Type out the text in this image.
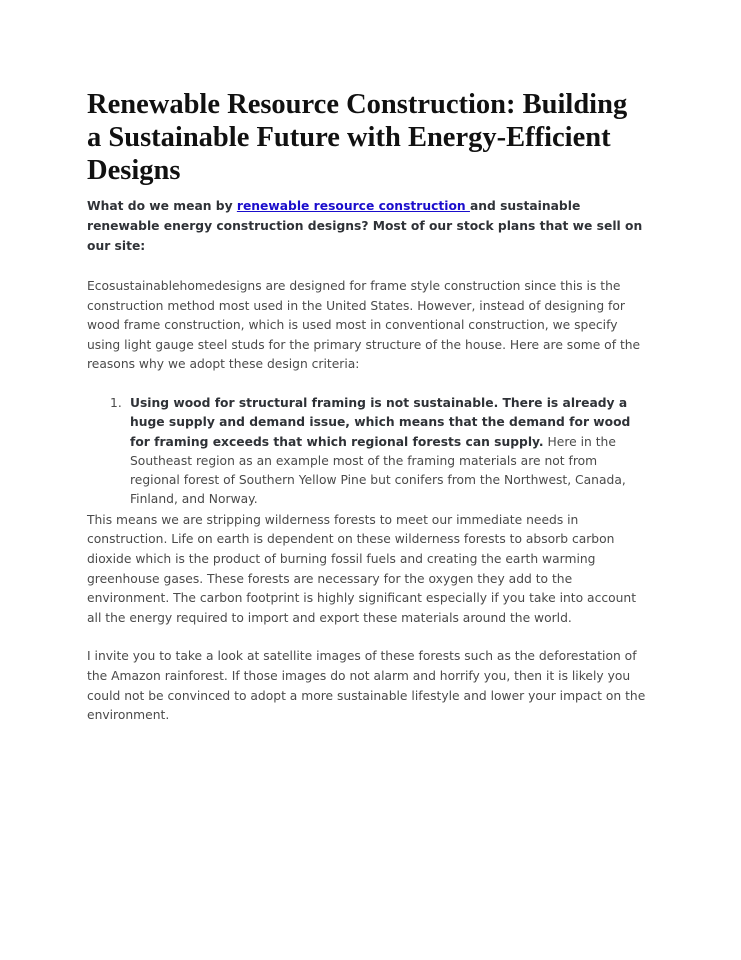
Renewable Resource Construction: Building a Sustainable Future with Energy-Efficient Designs

What do we mean by renewable resource construction and sustainable renewable energy construction designs? Most of our stock plans that we sell on our site:

Ecosustainablehomedesigns are designed for frame style construction since this is the construction method most used in the United States. However, instead of designing for wood frame construction, which is used most in conventional construction, we specify using light gauge steel studs for the primary structure of the house. Here are some of the reasons why we adopt these design criteria:

1. Using wood for structural framing is not sustainable. There is already a huge supply and demand issue, which means that the demand for wood for framing exceeds that which regional forests can supply. Here in the Southeast region as an example most of the framing materials are not from regional forest of Southern Yellow Pine but conifers from the Northwest, Canada, Finland, and Norway.

This means we are stripping wilderness forests to meet our immediate needs in construction. Life on earth is dependent on these wilderness forests to absorb carbon dioxide which is the product of burning fossil fuels and creating the earth warming greenhouse gases. These forests are necessary for the oxygen they add to the environment. The carbon footprint is highly significant especially if you take into account all the energy required to import and export these materials around the world.

I invite you to take a look at satellite images of these forests such as the deforestation of the Amazon rainforest. If those images do not alarm and horrify you, then it is likely you could not be convinced to adopt a more sustainable lifestyle and lower your impact on the environment.
